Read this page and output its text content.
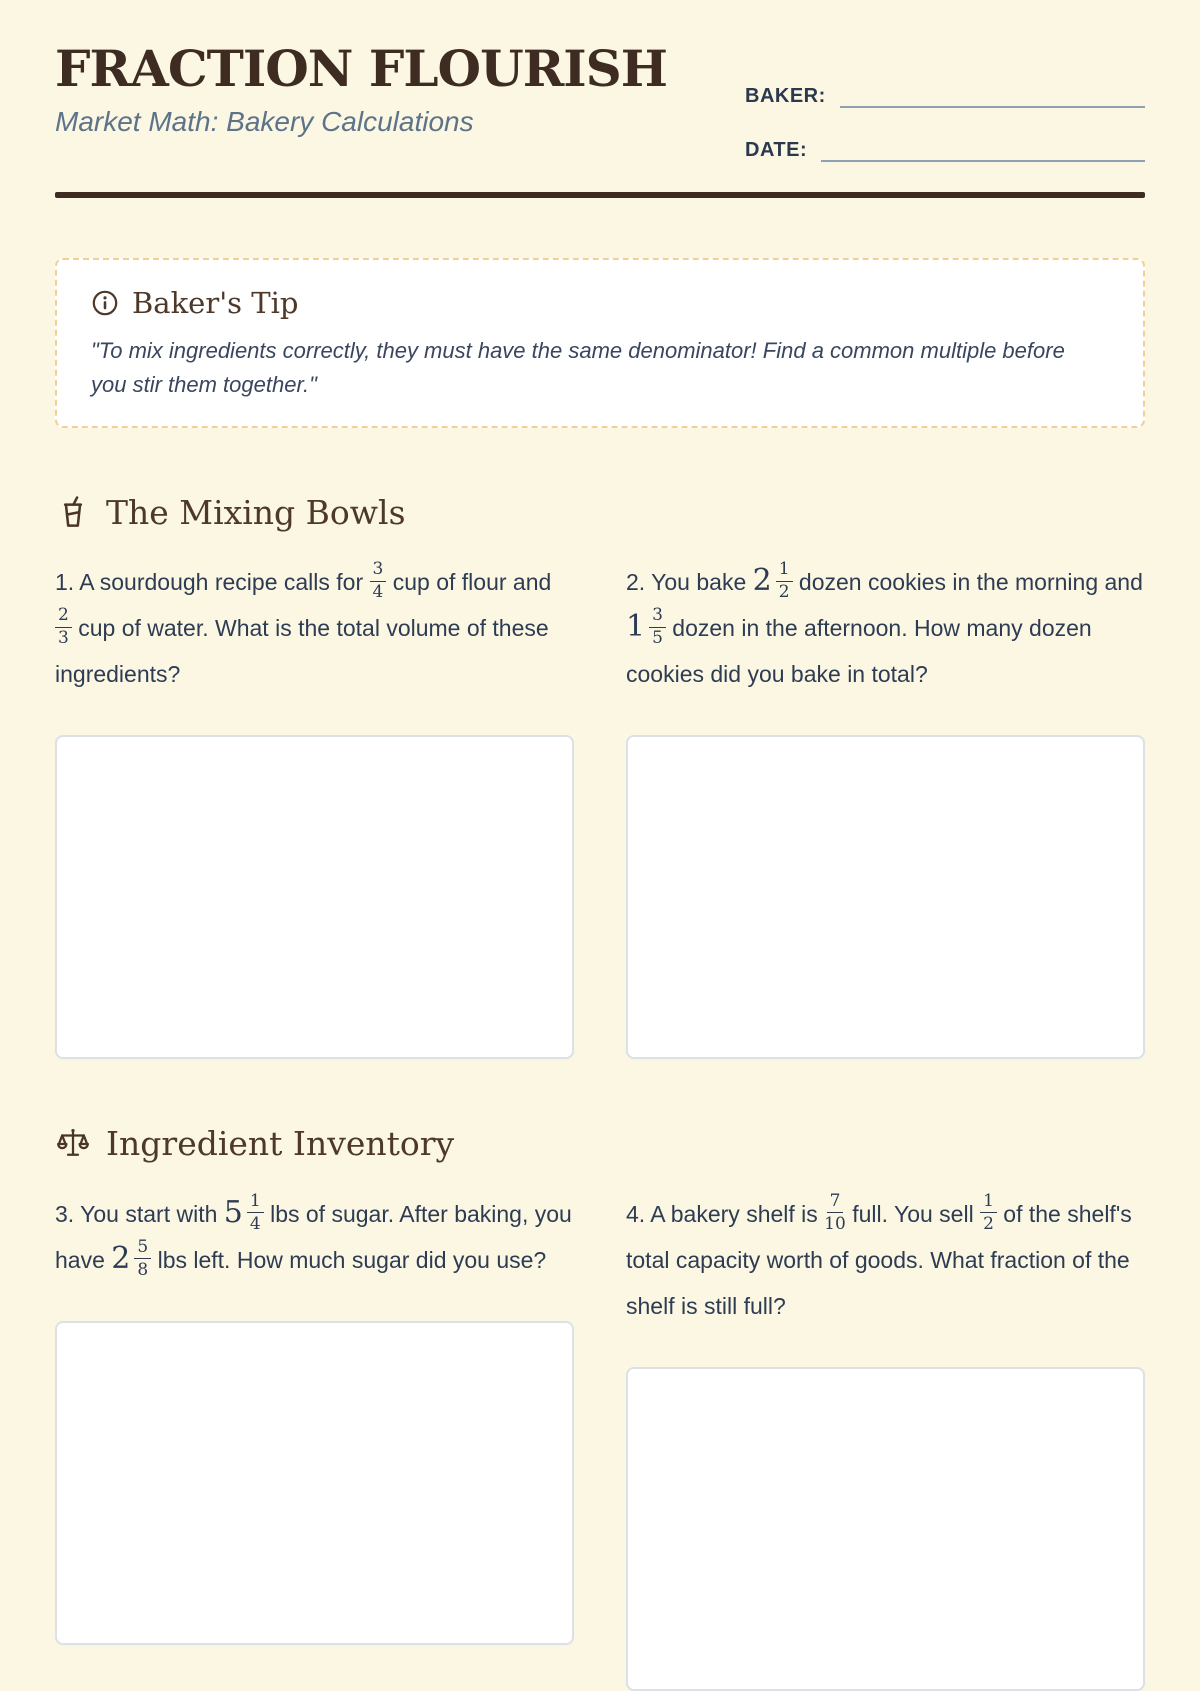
FRACTION FLOURISH
Market Math: Bakery Calculations
BAKER:
DATE:
Baker's Tip

"To mix ingredients correctly, they must have the same denominator! Find a common multiple before you stir them together."

The Mixing Bowls

1. A sourdough recipe calls for $\frac{3}{4}$ cup of flour and
$\frac{2}{3}$ cup of water. What is the total volume of these ingredients?

2. You bake $2 \frac{1}{2}$ dozen cookies in the morning and
$1 \frac{3}{5}$ dozen in the afternoon. How many dozen cookies did you bake in total?

Ingredient Inventory

3. You start with $5 \frac{1}{4}$ lbs of sugar. After baking, you have $2 \frac{5}{8}$ lbs left. How much sugar did you use?

4. A bakery shelf is $\frac{7}{10}$ full. You sell $\frac{1}{2}$ of the shelf's total capacity worth of goods. What fraction of the shelf is still full?
